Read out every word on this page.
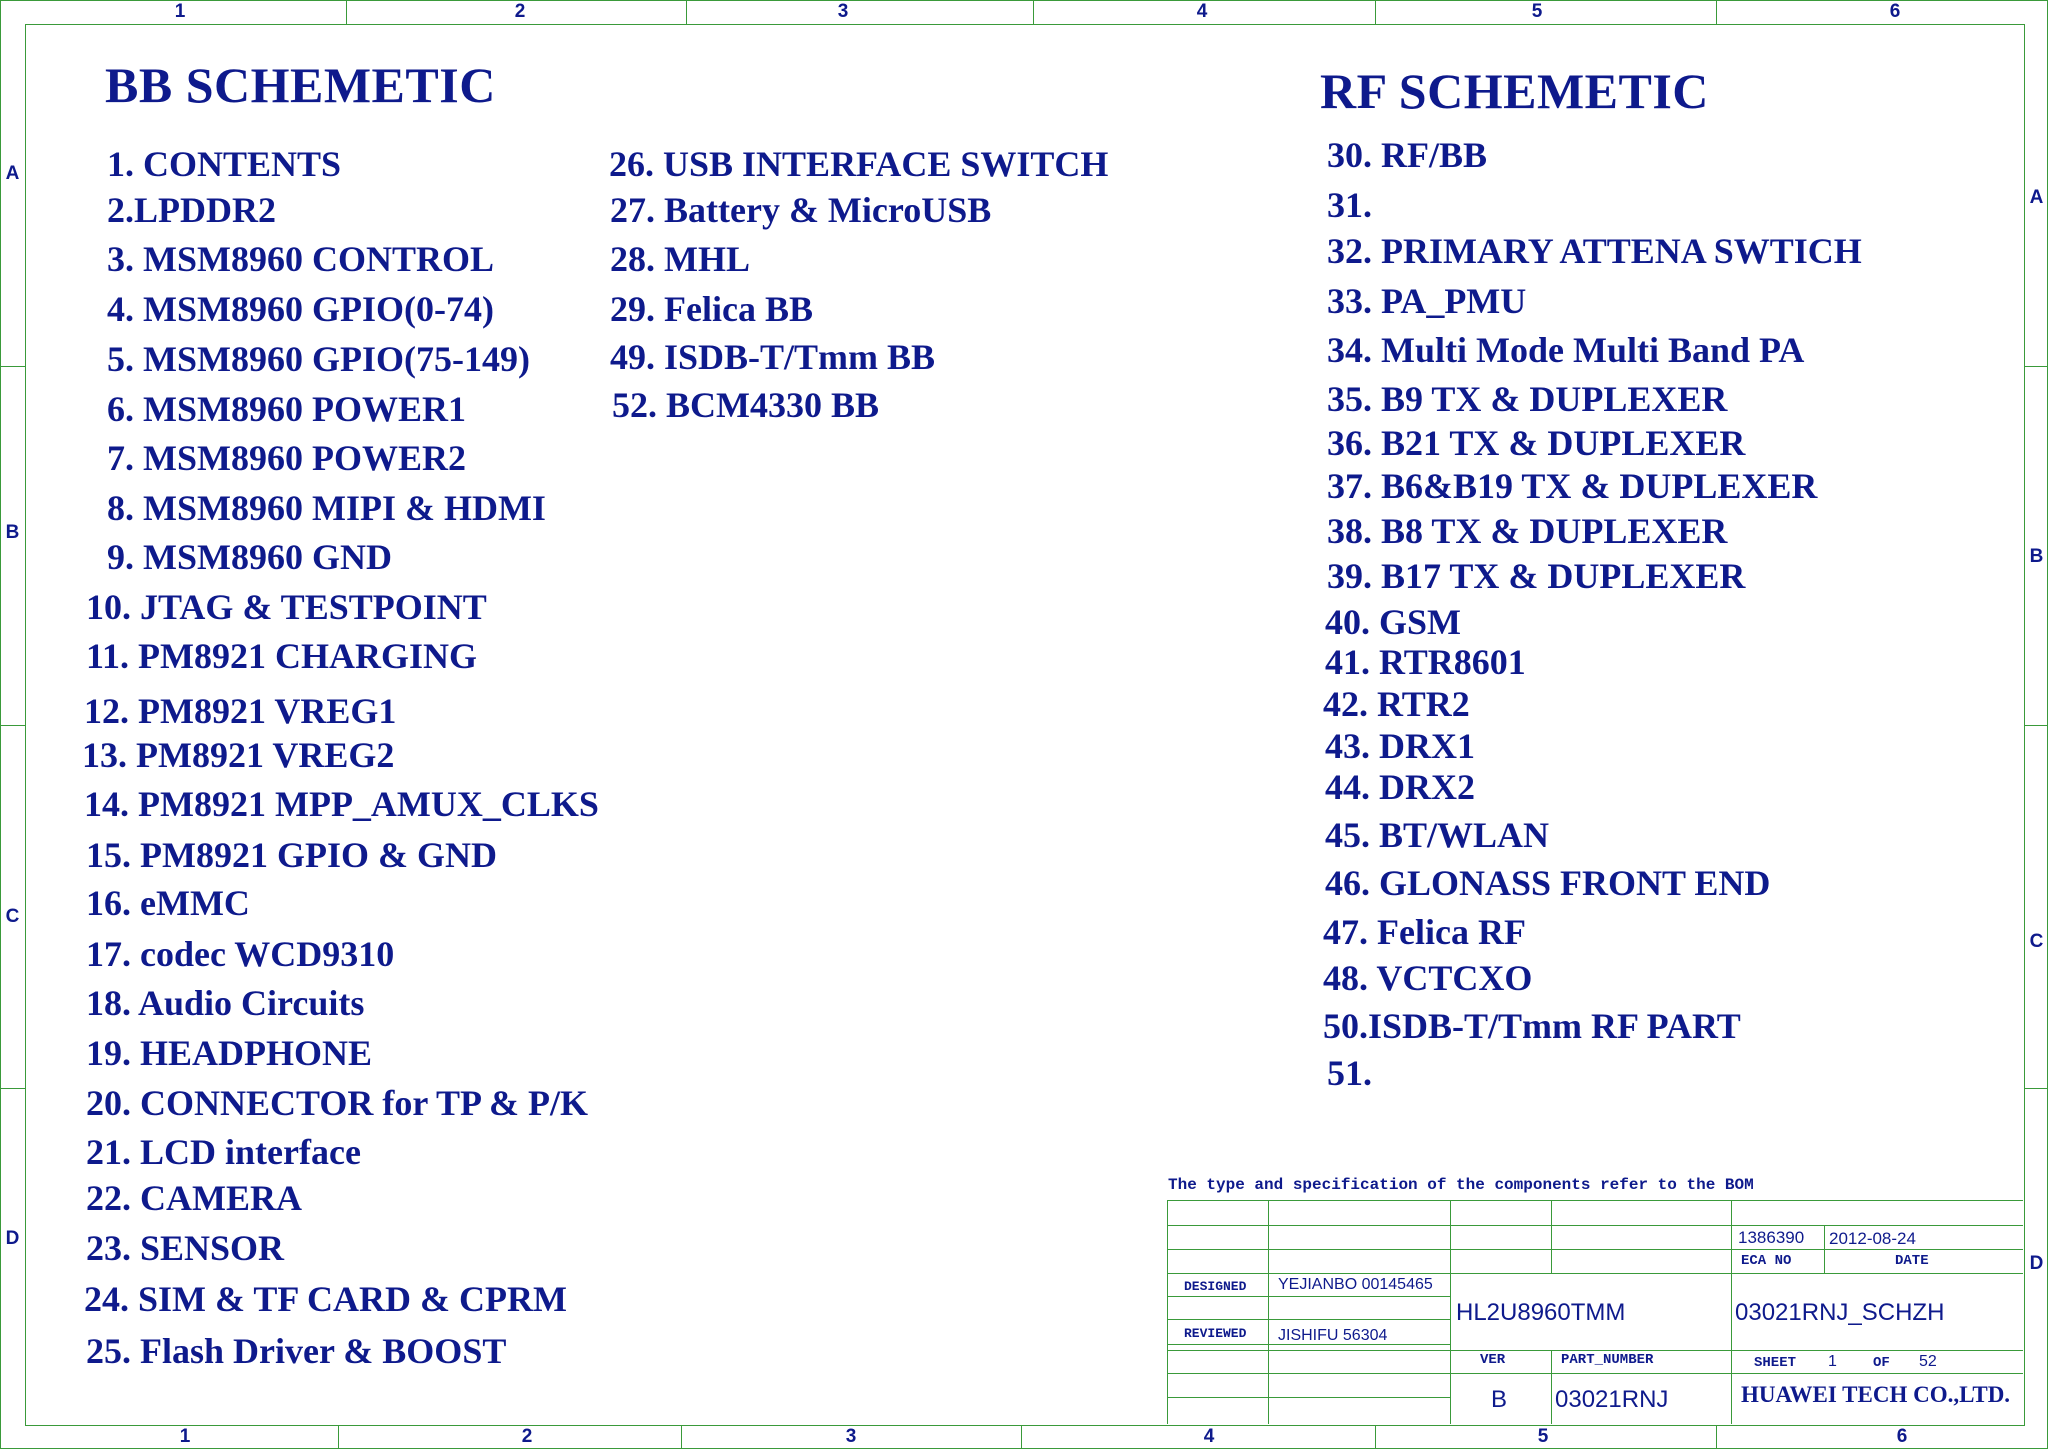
1	2	3	4	5	6
1	2	3	4	5	6
A
B
C
D
A
B
C
D
BB SCHEMETIC
1. CONTENTS
2.LPDDR2
3. MSM8960 CONTROL
4. MSM8960 GPIO(0-74)
5. MSM8960 GPIO(75-149)
6. MSM8960 POWER1
7. MSM8960 POWER2
8. MSM8960 MIPI & HDMI
9. MSM8960 GND
10. JTAG & TESTPOINT
11. PM8921 CHARGING
12. PM8921 VREG1
13. PM8921 VREG2
14. PM8921 MPP_AMUX_CLKS
15. PM8921 GPIO & GND
16. eMMC
17. codec WCD9310
18. Audio Circuits
19. HEADPHONE
20. CONNECTOR for TP & P/K
21. LCD interface
22. CAMERA
23. SENSOR
24. SIM & TF CARD & CPRM
25. Flash Driver & BOOST
26. USB INTERFACE SWITCH
27. Battery & MicroUSB
28. MHL
29. Felica BB
49. ISDB-T/Tmm BB
52. BCM4330 BB
RF SCHEMETIC
30. RF/BB
31.
32. PRIMARY ATTENA SWTICH
33. PA_PMU
34. Multi Mode Multi Band PA
35. B9 TX & DUPLEXER
36. B21 TX & DUPLEXER
37. B6&B19 TX & DUPLEXER
38. B8 TX & DUPLEXER
39. B17 TX & DUPLEXER
40. GSM
41. RTR8601
42. RTR2
43. DRX1
44. DRX2
45. BT/WLAN
46. GLONASS FRONT END
47. Felica RF
48. VCTCXO
50.ISDB-T/Tmm RF PART
51.
The type and specification of the components refer to the BOM
1386390 2012-08-24
ECA NO	DATE
DESIGNED YEJIANBO 00145465
REVIEWED JISHIFU 56304
HL2U8960TMM	03021RNJ_SCHZH
VER	PART_NUMBER	SHEET 1	OF 52
B 03021RNJ	HUAWEI TECH CO.,LTD.
